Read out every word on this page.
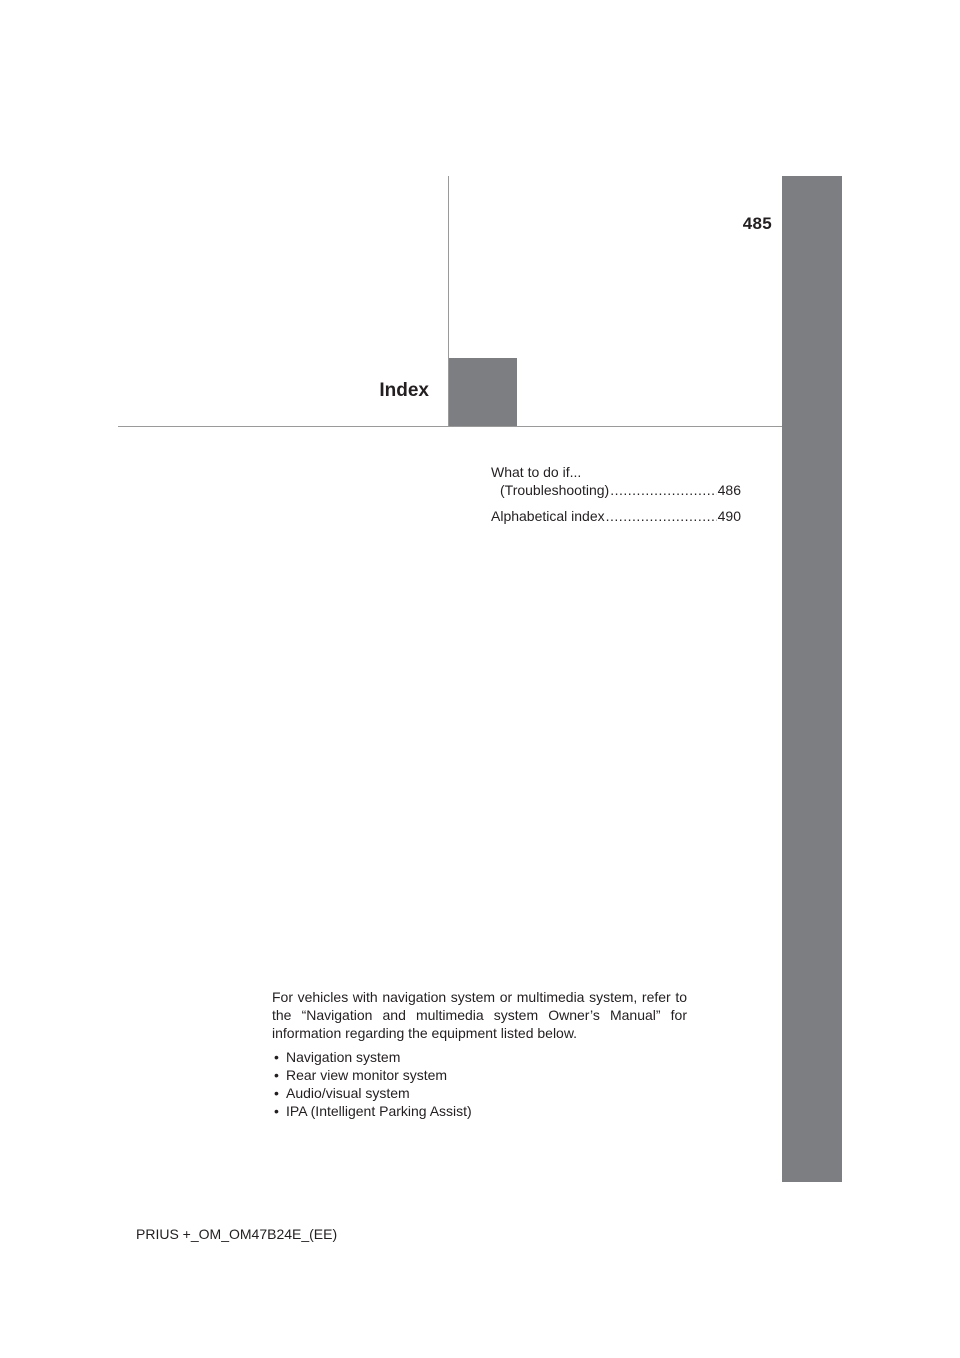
485
Index
What to do if...
(Troubleshooting) .....	486
Alphabetical index .....	490

For vehicles with navigation system or multimedia system, refer to the “Navigation and multimedia system Owner’s Manual” for information regarding the equipment listed below.

• Navigation system
• Rear view monitor system
• Audio/visual system
• IPA (Intelligent Parking Assist)
PRIUS +_OM_OM47B24E_(EE)
